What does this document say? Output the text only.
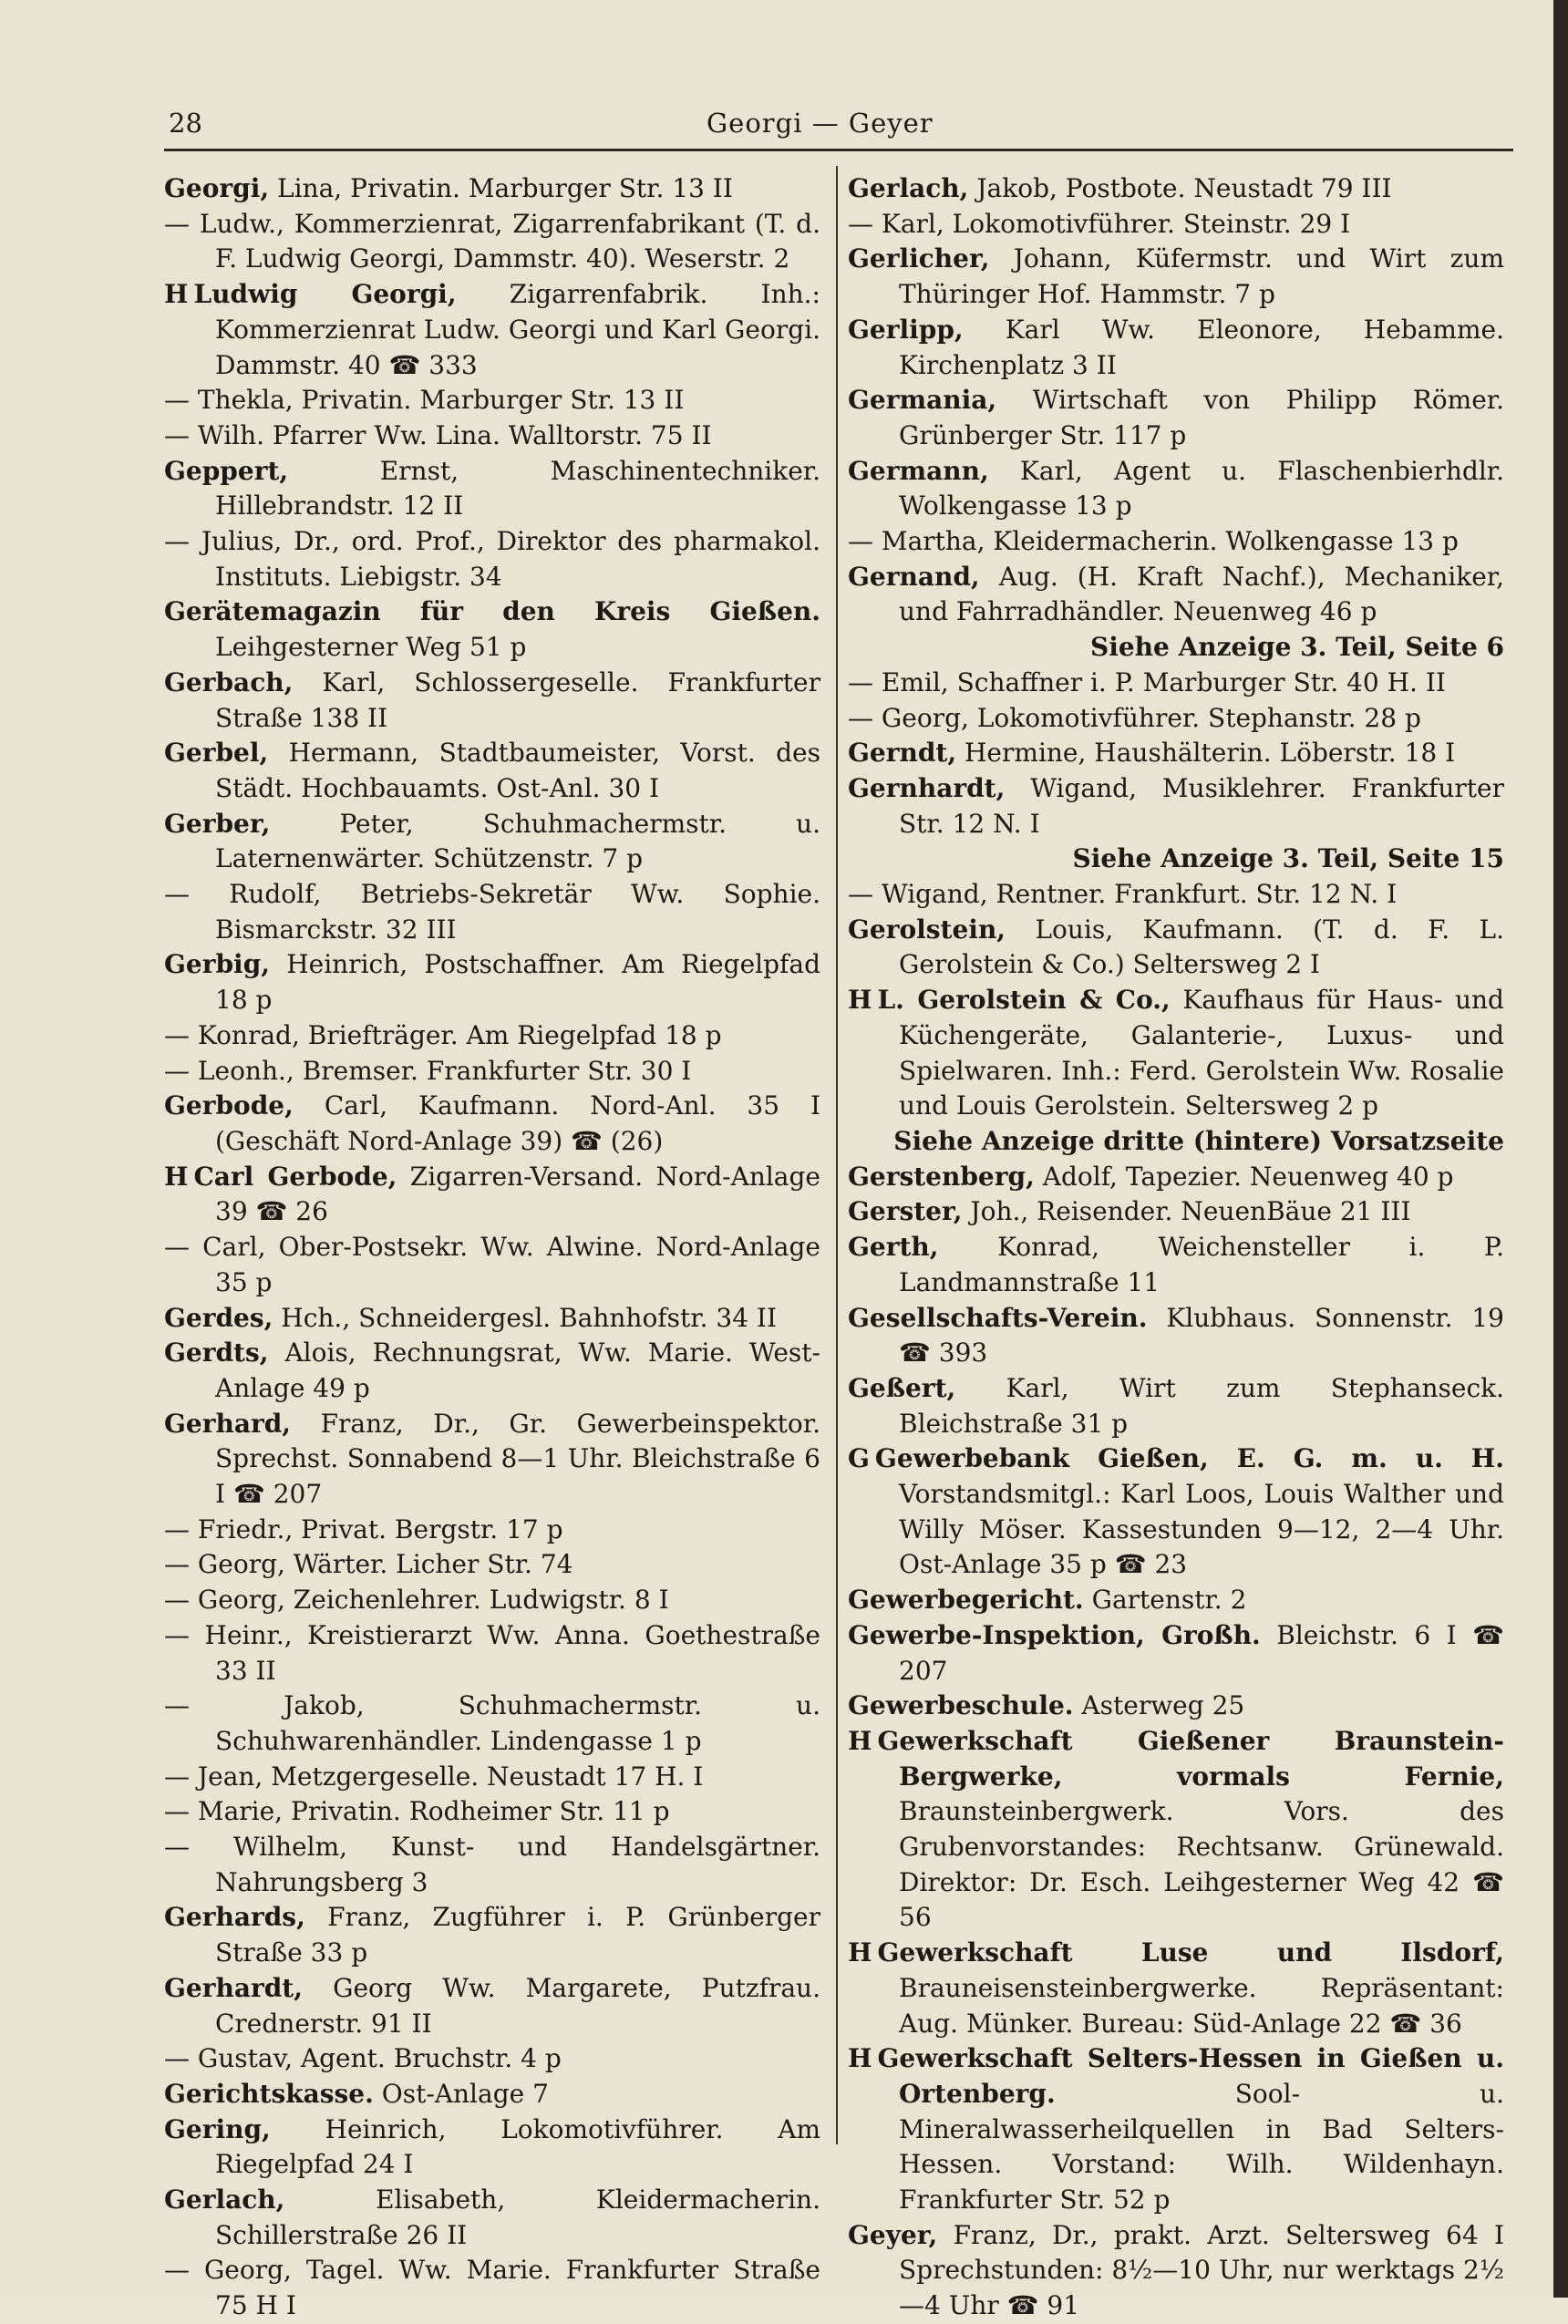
28	Georgi — Geyer

Georgi, Lina, Privatin. Marburger Str. 13 II

— Ludw., Kommerzienrat, Zigarrenfabrikant (T. d. F. Ludwig Georgi, Dammstr. 40). Weserstr. 2

H Ludwig Georgi, Zigarrenfabrik. Inh.: Kommerzienrat Ludw. Georgi und Karl Georgi. Dammstr. 40 ☎ 333

— Thekla, Privatin. Marburger Str. 13 II

— Wilh. Pfarrer Ww. Lina. Walltorstr. 75 II

Geppert,	Ernst, Maschinentechniker. Hillebrandstr. 12 II

— Julius, Dr., ord. Prof., Direktor des pharmakol. Instituts. Liebigstr. 34

Gerätemagazin für den Kreis Gießen. Leihgesterner Weg 51 p

Gerbach, Karl, Schlossergeselle. Frankfurter Straße 138 II

Gerbel, Hermann, Stadtbaumeister, Vorst. des Städt. Hochbauamts. Ost-Anl. 30 I

Gerber,	Peter, Schuhmachermstr. u. Laternenwärter. Schützenstr. 7 p

— Rudolf, Betriebs-Sekretär Ww. Sophie. Bismarckstr. 32 III

Gerbig, Heinrich, Postschaffner. Am Riegelpfad 18 p

— Konrad, Briefträger. Am Riegelpfad 18 p

— Leonh., Bremser. Frankfurter Str. 30 I

Gerbode, Carl, Kaufmann. Nord-Anl. 35 I (Geschäft Nord-Anlage 39) ☎ (26)

H Carl Gerbode, Zigarren-Versand. Nord-Anlage 39 ☎ 26

— Carl, Ober-Postsekr. Ww. Alwine. Nord-Anlage 35 p

Gerdes, Hch., Schneidergesl. Bahnhofstr. 34 II

Gerdts, Alois, Rechnungsrat, Ww. Marie. West-Anlage 49 p

Gerhard, Franz, Dr., Gr. Gewerbeinspektor. Sprechst. Sonnabend 8—1 Uhr. Bleichstraße 6 I ☎ 207

— Friedr., Privat. Bergstr. 17 p

— Georg, Wärter. Licher Str. 74

— Georg, Zeichenlehrer. Ludwigstr. 8 I

— Heinr., Kreistierarzt Ww. Anna. Goethestraße 33 II

— Jakob, Schuhmachermstr. u. Schuhwarenhändler. Lindengasse 1 p

— Jean, Metzgergeselle. Neustadt 17 H. I

— Marie, Privatin. Rodheimer Str. 11 p

— Wilhelm, Kunst- und Handelsgärtner. Nahrungsberg 3

Gerhards, Franz, Zugführer i. P. Grünberger Straße 33 p

Gerhardt, Georg Ww. Margarete, Putzfrau. Crednerstr. 91 II

— Gustav, Agent. Bruchstr. 4 p

Gerichtskasse. Ost-Anlage 7

Gering, Heinrich, Lokomotivführer. Am Riegelpfad 24 I

Gerlach,	Elisabeth, Kleidermacherin. Schillerstraße 26 II

— Georg, Tagel. Ww. Marie. Frankfurter Straße 75 H I

Gerlach, Jakob, Postbote. Neustadt 79 III

— Karl, Lokomotivführer. Steinstr. 29 I

Gerlicher, Johann, Küfermstr. und Wirt zum Thüringer Hof. Hammstr. 7 p

Gerlipp, Karl Ww. Eleonore, Hebamme. Kirchenplatz 3 II

Germania, Wirtschaft von Philipp Römer. Grünberger Str. 117 p

Germann, Karl, Agent u. Flaschenbierhdlr. Wolkengasse 13 p

— Martha, Kleidermacherin. Wolkengasse 13 p

Gernand, Aug. (H. Kraft Nachf.), Mechaniker, und Fahrradhändler. Neuenweg 46 p

Siehe Anzeige 3. Teil, Seite 6

— Emil, Schaffner i. P. Marburger Str. 40 H. II

— Georg, Lokomotivführer. Stephanstr. 28 p

Gerndt, Hermine, Haushälterin. Löberstr. 18 I

Gernhardt, Wigand, Musiklehrer. Frankfurter Str. 12 N. I

Siehe Anzeige 3. Teil, Seite 15

— Wigand, Rentner. Frankfurt. Str. 12 N. I

Gerolstein, Louis, Kaufmann. (T. d. F. L. Gerolstein & Co.) Seltersweg 2 I

H L. Gerolstein & Co., Kaufhaus für Haus- und Küchengeräte, Galanterie-, Luxus- und Spielwaren. Inh.: Ferd. Gerolstein Ww. Rosalie und Louis Gerolstein. Seltersweg 2 p

Siehe Anzeige dritte (hintere) Vorsatzseite

Gerstenberg, Adolf, Tapezier. Neuenweg 40 p

Gerster, Joh., Reisender. NeuenBäue 21 III

Gerth, Konrad, Weichensteller i. P. Landmannstraße 11

Gesellschafts-Verein. Klubhaus. Sonnenstr. 19 ☎ 393

Geßert, Karl, Wirt zum Stephanseck. Bleichstraße 31 p

G Gewerbebank Gießen, E. G. m. u. H. Vorstandsmitgl.: Karl Loos, Louis Walther und Willy Möser. Kassestunden 9—12, 2—4 Uhr. Ost-Anlage 35 p ☎ 23

Gewerbegericht. Gartenstr. 2

Gewerbe-Inspektion, Großh. Bleichstr. 6 I ☎ 207

Gewerbeschule. Asterweg 25

H Gewerkschaft Gießener Braunstein-Bergwerke, vormals Fernie, Braunsteinbergwerk. Vors. des Grubenvorstandes: Rechtsanw. Grünewald. Direktor: Dr. Esch. Leihgesterner Weg 42 ☎ 56

H Gewerkschaft Luse und Ilsdorf, Brauneisensteinbergwerke. Repräsentant: Aug. Münker. Bureau: Süd-Anlage 22 ☎ 36

H Gewerkschaft Selters-Hessen in Gießen u. Ortenberg.	Sool- u. Mineralwasserheilquellen in Bad Selters-Hessen. Vorstand: Wilh. Wildenhayn. Frankfurter Str. 52 p

Geyer, Franz, Dr., prakt. Arzt. Seltersweg 64 I Sprechstunden: 8½—10 Uhr, nur werktags 2½—4 Uhr ☎ 91
